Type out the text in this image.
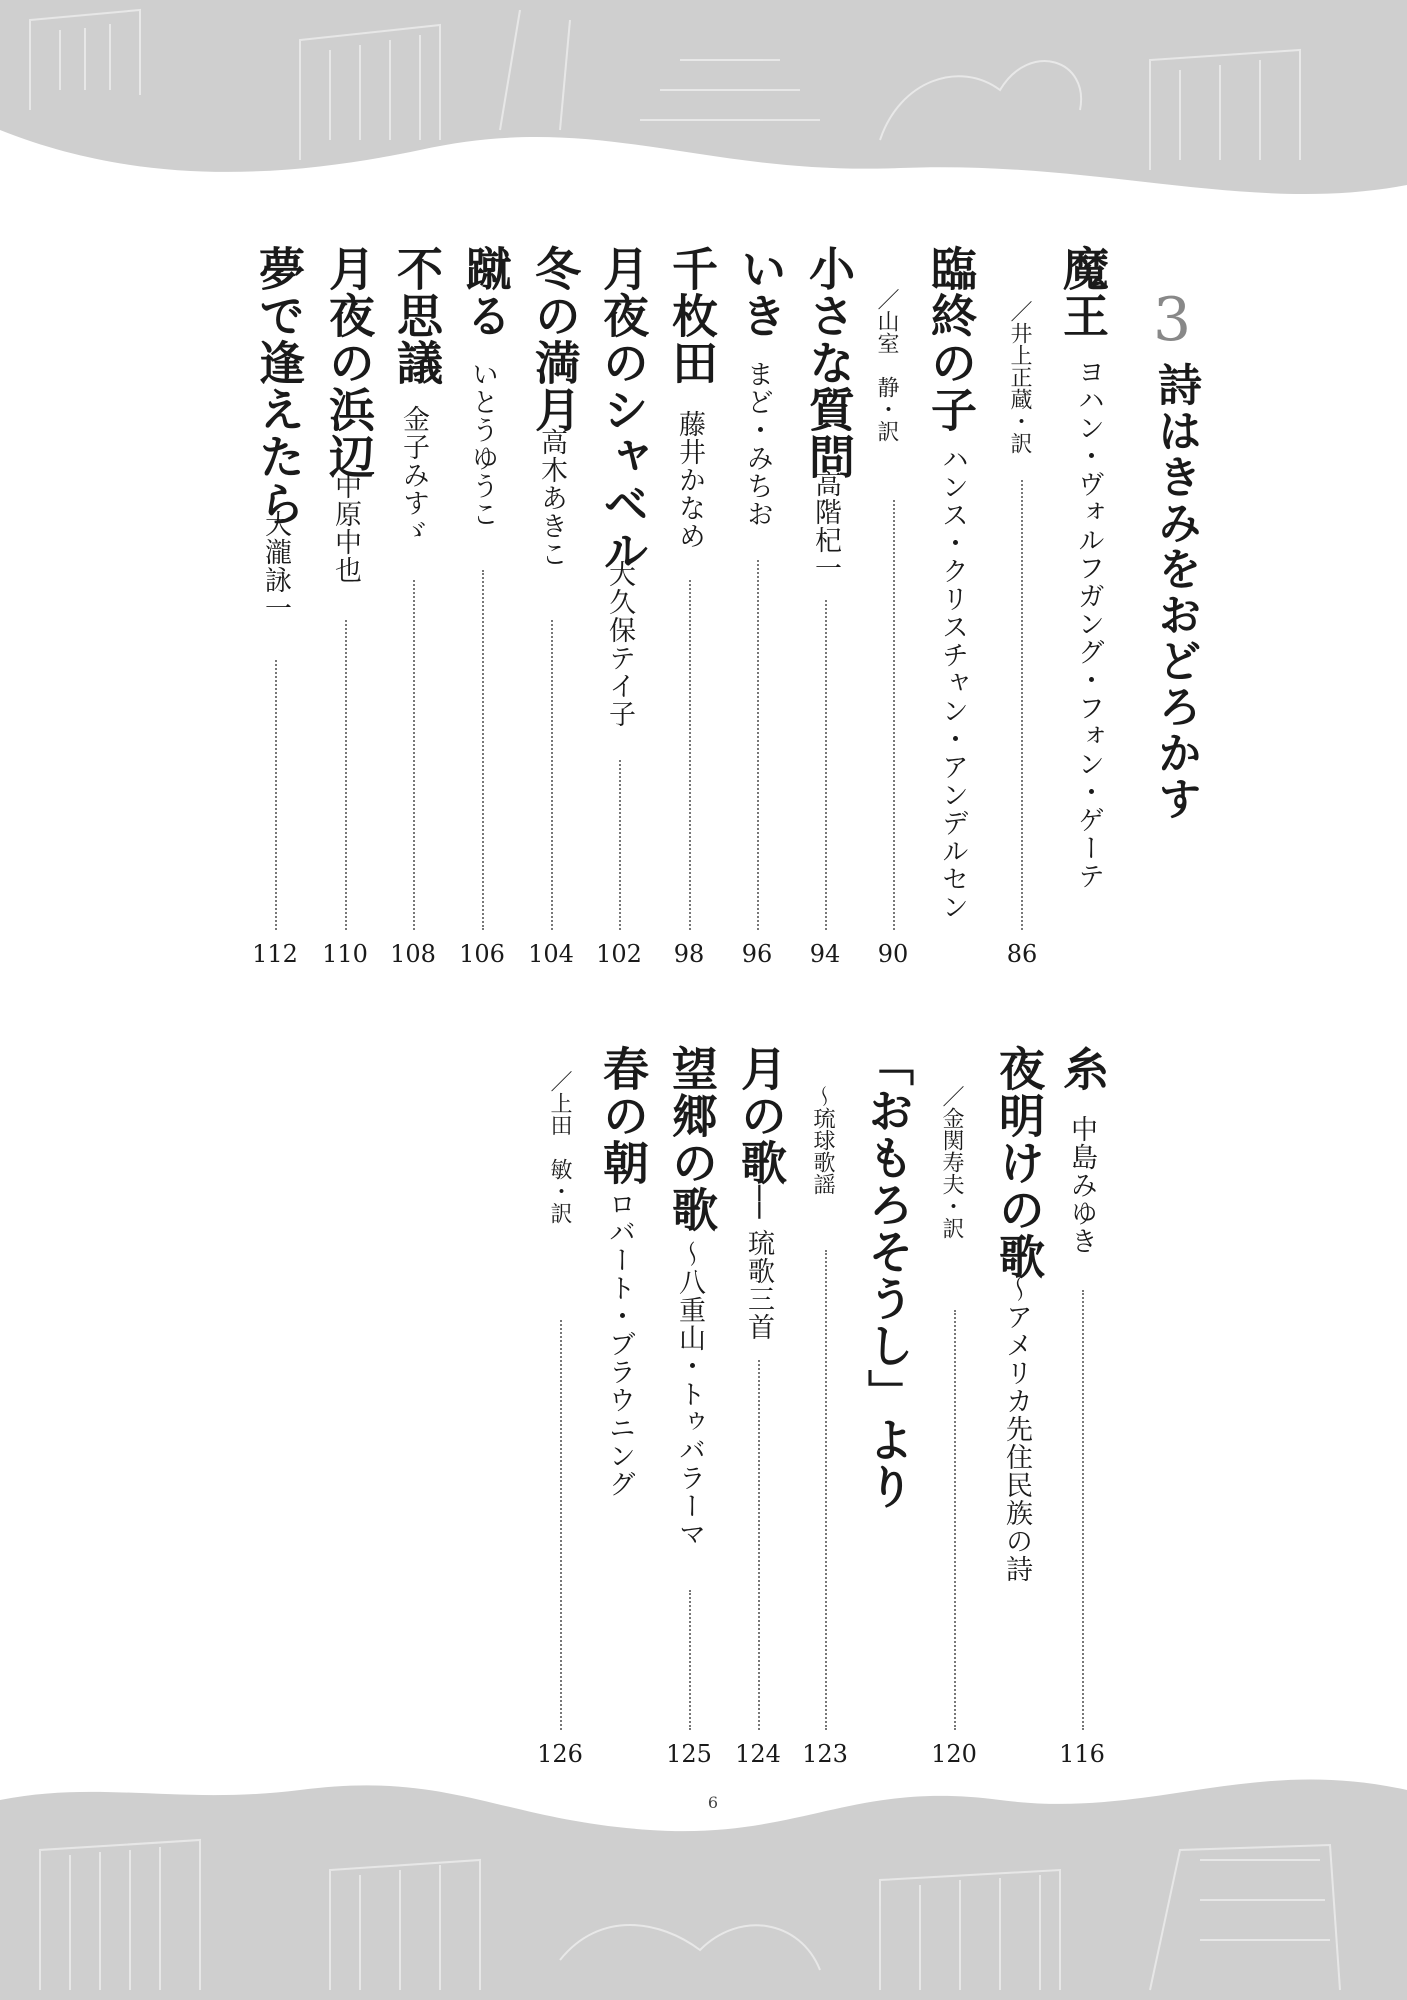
3
詩はきみをおどろかす
魔王
ヨハン・ヴォルフガング・フォン・ゲーテ
／井上正蔵・訳
86
臨終の子
ハンス・クリスチャン・アンデルセン
／山室　静・訳
90
小さな質問
高階杞一
94
いき
まど・みちお
96
千枚田
藤井かなめ
98
月夜のシャベル
大久保テイ子
102
冬の満月
高木あきこ
104
蹴る
いとうゆうこ
106
不思議
金子みすゞ
108
月夜の浜辺
中原中也
110
夢で逢えたら
大瀧詠一
112
糸
中島みゆき
116
夜明けの歌
～アメリカ先住民族の詩
／金関寿夫・訳
120
「おもろそうし」より
～琉球歌謡
123
月の歌
── 琉歌三首
124
望郷の歌
～八重山・トゥバラーマ
125
春の朝
ロバート・ブラウニング
／上田　敏・訳
126
6
